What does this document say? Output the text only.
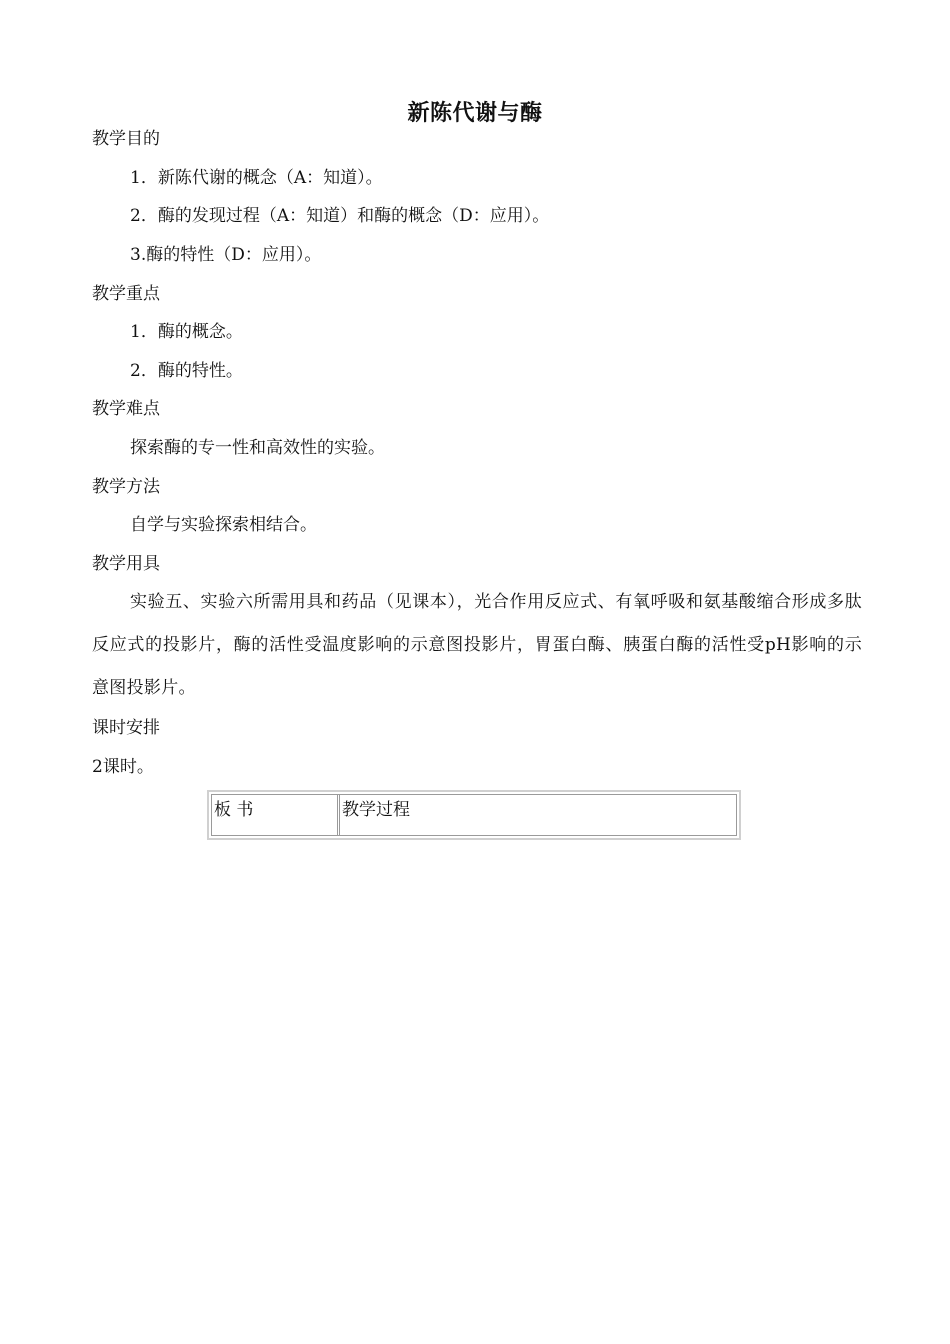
新陈代谢与酶
教学目的
1．新陈代谢的概念（A：知道）。
2．酶的发现过程（A：知道）和酶的概念（D：应用）。
3.酶的特性（D：应用）。
教学重点
1．酶的概念。
2．酶的特性。
教学难点
探索酶的专一性和高效性的实验。
教学方法
自学与实验探索相结合。
教学用具
实验五、实验六所需用具和药品（见课本），光合作用反应式、有氧呼吸和氨基酸缩合形成多肽反应式的投影片，酶的活性受温度影响的示意图投影片，胃蛋白酶、胰蛋白酶的活性受pH影响的示意图投影片。
课时安排
2课时。
板 书	教学过程
